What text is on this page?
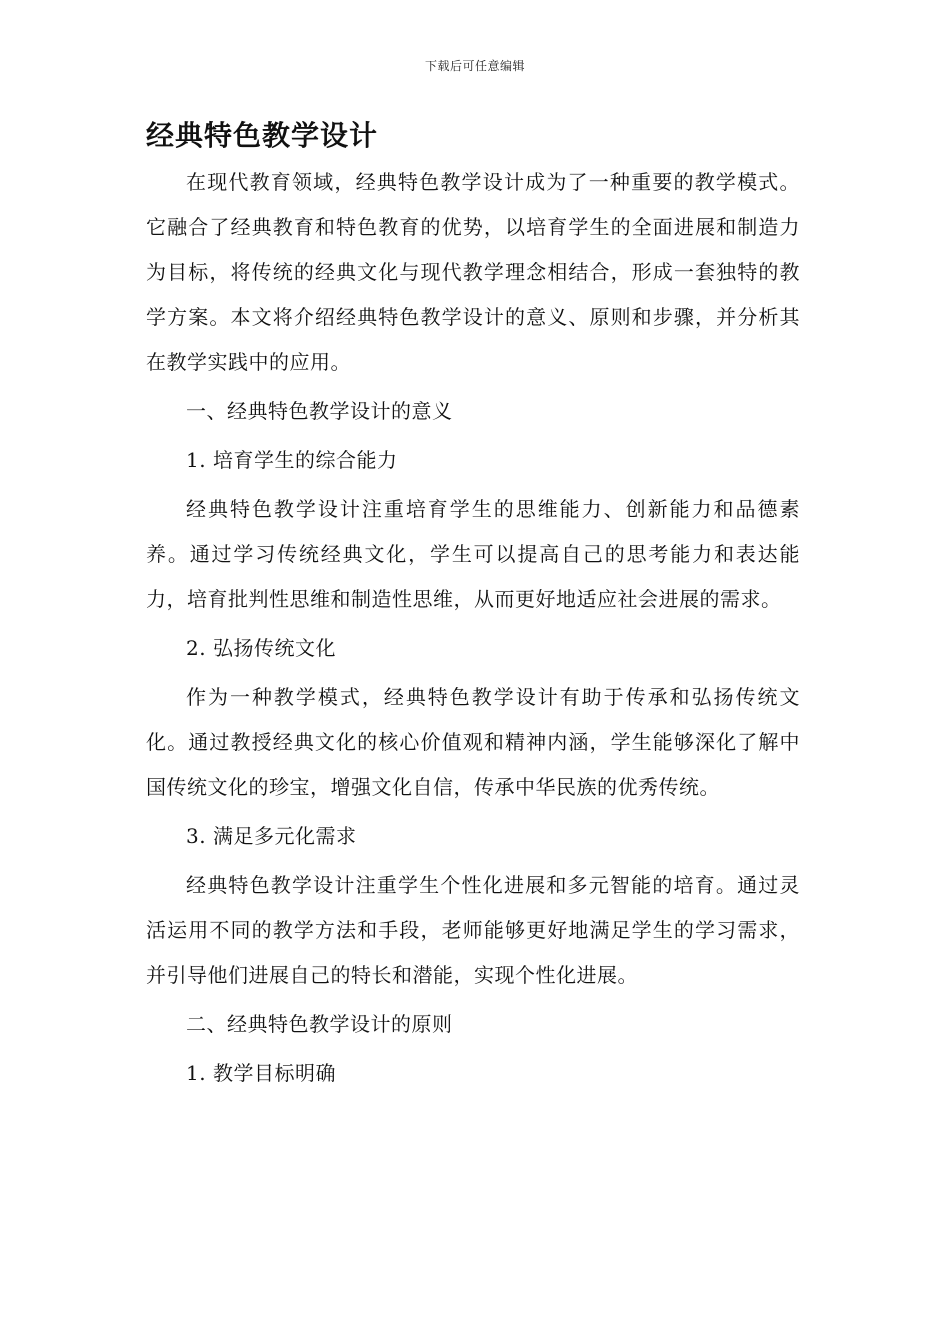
下载后可任意编辑
经典特色教学设计

在现代教育领域，经典特色教学设计成为了一种重要的教学模式。它融合了经典教育和特色教育的优势，以培育学生的全面进展和制造力为目标，将传统的经典文化与现代教学理念相结合，形成一套独特的教学方案。本文将介绍经典特色教学设计的意义、原则和步骤，并分析其在教学实践中的应用。

一、经典特色教学设计的意义

1. 培育学生的综合能力

经典特色教学设计注重培育学生的思维能力、创新能力和品德素养。通过学习传统经典文化，学生可以提高自己的思考能力和表达能力，培育批判性思维和制造性思维，从而更好地适应社会进展的需求。

2. 弘扬传统文化

作为一种教学模式，经典特色教学设计有助于传承和弘扬传统文化。通过教授经典文化的核心价值观和精神内涵，学生能够深化了解中国传统文化的珍宝，增强文化自信，传承中华民族的优秀传统。

3. 满足多元化需求

经典特色教学设计注重学生个性化进展和多元智能的培育。通过灵活运用不同的教学方法和手段，老师能够更好地满足学生的学习需求，并引导他们进展自己的特长和潜能，实现个性化进展。

二、经典特色教学设计的原则

1. 教学目标明确
